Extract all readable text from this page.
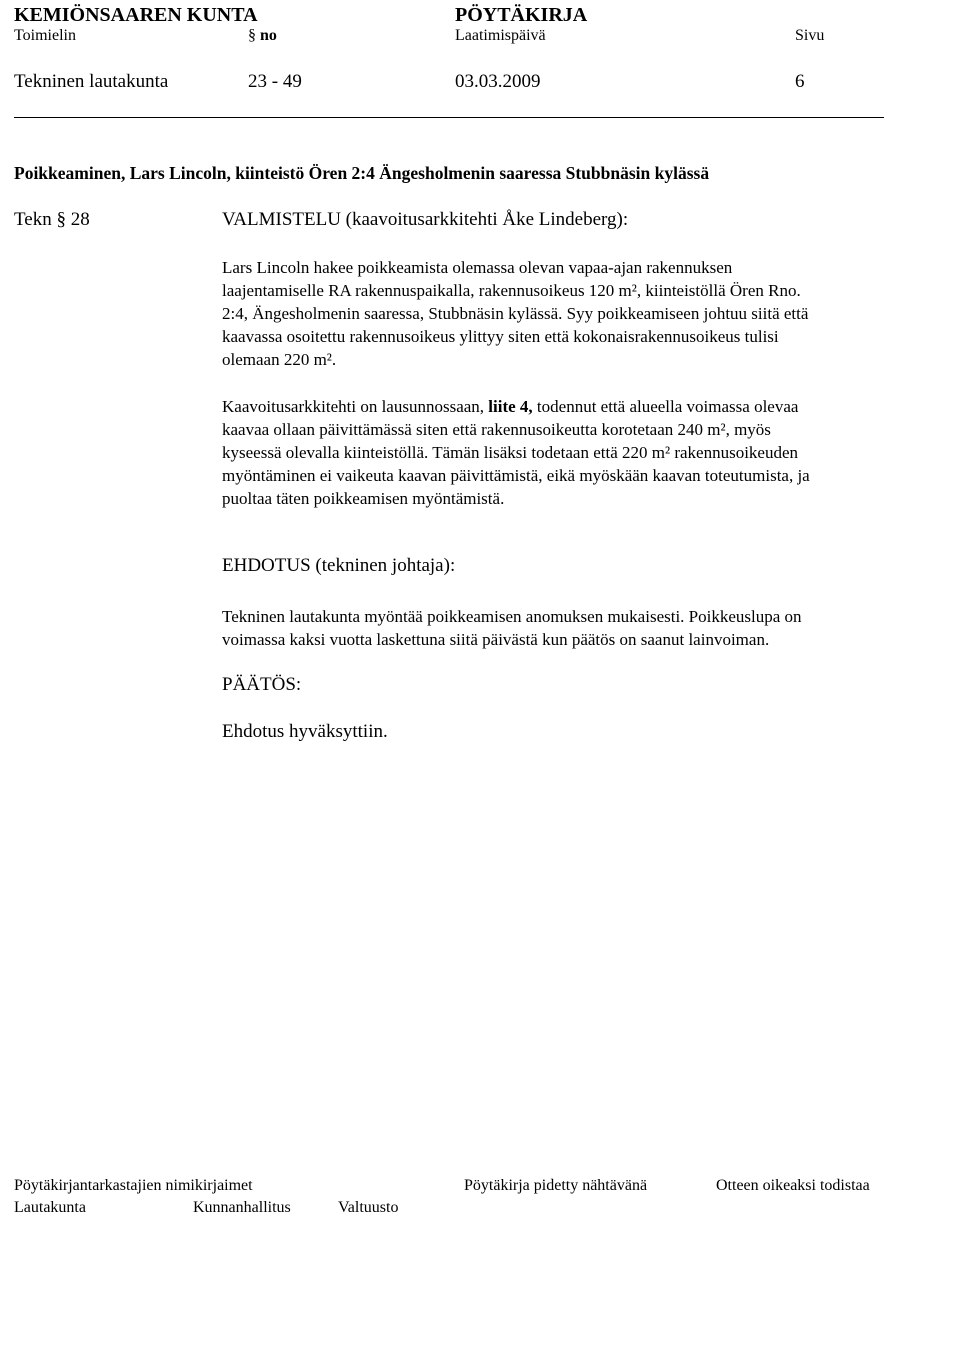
KEMIÖNSAAREN KUNTA	PÖYTÄKIRJA
Toimielin	§ no	Laatimispäivä	Sivu
Tekninen lautakunta	23 - 49	03.03.2009	6
Poikkeaminen, Lars Lincoln, kiinteistö Ören 2:4 Ängesholmenin saaressa Stubbnäsin kylässä
Tekn § 28	VALMISTELU (kaavoitusarkkitehti Åke Lindeberg):
Lars Lincoln hakee poikkeamista olemassa olevan vapaa-ajan rakennuksen
laajentamiselle RA rakennuspaikalla, rakennusoikeus 120 m², kiinteistöllä Ören Rno.
2:4, Ängesholmenin saaressa, Stubbnäsin kylässä. Syy poikkeamiseen johtuu siitä että
kaavassa osoitettu rakennusoikeus ylittyy siten että kokonaisrakennusoikeus tulisi
olemaan 220 m².
Kaavoitusarkkitehti on lausunnossaan, liite 4, todennut että alueella voimassa olevaa
kaavaa ollaan päivittämässä siten että rakennusoikeutta korotetaan 240 m², myös
kyseessä olevalla kiinteistöllä. Tämän lisäksi todetaan että 220 m² rakennusoikeuden
myöntäminen ei vaikeuta kaavan päivittämistä, eikä myöskään kaavan toteutumista, ja
puoltaa täten poikkeamisen myöntämistä.
EHDOTUS (tekninen johtaja):
Tekninen lautakunta myöntää poikkeamisen anomuksen mukaisesti. Poikkeuslupa on
voimassa kaksi vuotta laskettuna siitä päivästä kun päätös on saanut lainvoiman.
PÄÄTÖS:
Ehdotus hyväksyttiin.
Pöytäkirjantarkastajien nimikirjaimet	Pöytäkirja pidetty nähtävänä	Otteen oikeaksi todistaa
Lautakunta	Kunnanhallitus	Valtuusto
